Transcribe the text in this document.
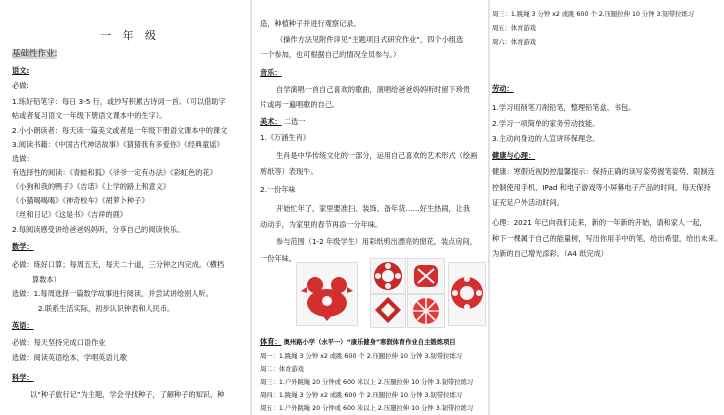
一 年 级
基础性作业:
语文:
必做:
1.练好铅笔字：每日 3-5 行，或抄写积累古诗词一首。（可以借助字
帖或者复习语文一年级下册语文课本中的生字）。
2.小小朗读者：每天读一篇美文或者是一年级下册语文课本中的课文
3.阅读书籍：《中国古代神话故事》《猜猜我有多爱你》《经典童谣》
选做：
有选择性的阅读：《青蛙和狐》《爷爷一定有办法》《彩虹色的花》
《小狗和我的鸭子》《吉诺》《上学的路上和意义》
《小猫喝喝喝》《神奇校车》《胡萝卜种子》
《丝和日记》《这是书》《吉祥的鹿》
2.每阅读感受讲给爸爸妈妈听，分享自己的阅读快乐。
数学：
必做：练好口算；每周五天，每天二十道，三分钟之内完成。（横档
算数本）
选做：1.每周选择一篇数学故事进行阅读，并尝试讲给别人听。
2.联系生活实际，初步认识钟表和人民币。
英语：
必做：每天坚持完成口语作业
选做：阅读英语绘本，学唱英语儿歌
科学：
以“种子旅行记”为主题，学会寻找种子，了解种子的知识、种
造，种植种子并进行观察记录。
（操作方法见附件详见“主题项目式研究作业”，四个小组选
一个参加，也可根据自己的情况全员参与。）
音乐：
自学演唱一首自己喜欢的歌曲，演唱给爸爸妈妈听时留下珍贵
片或再一遍唱歌的自己。
美术： 二选一
1.《万涵生肖》
生肖是中华传统文化的一部分，运用自己喜欢的艺术形式（绘画
剪纸等）表现牛。
2.一份年味
开始忙年了，家里要准扫、装饰、备年货……好生热闹，让我
动动手，为家里的春节再添一分年味。
参与范围（1-2 年级学生）用彩纸剪出漂亮的窗花，装点房间，
一份年味。
体育： 奥州路小学（水平一）“康乐健身”寒假体育作业自主锻炼项目
周一：1.跳绳 3 分钟 x2 或跳 600 个 2.压腿拉伸 10 分钟 3.韧带拉练习
周二：体育游戏
周三：1.户外跳绳 20 分钟或 600 米以上 2.压腿拉伸 10 分钟 3.韧带拉练习
周四：1.跳绳 3 分钟 x2 或跳 600 个 2.压腿拉伸 10 分钟 3.韧带拉练习
周五：1.户外跳绳 20 分钟或 600 米以上 2.压腿拉伸 10 分钟 3.韧带拉练习
周三：1.跳绳 3 分钟 x2 或跳 600 个 2.压腿拉伸 10 分钟 3.韧带拉练习
周五：体育游戏
周六：体育游戏
劳动：
1.学习用削笔刀削铅笔，整理铅笔盒、书包。
2.学习一项简单的家务劳动技能。
3.主动向身边的人宣讲环保理念。
健康与心理：
健康：寒假近视防控温馨提示：保持正确的读写姿势握笔姿势、限制连
控制使用手机、IPad 和电子游戏等小屏幕电子产品的时间、每天保持
证充足户外活动时间。
心理：2021 年已向我们走来，新的一年新的开始，请和家人一起，
种下一棵属于自己的能量树，写出你用手中的笔，给出希望，给出未来。
为新的自己增光添彩。（A4 纸完成）
